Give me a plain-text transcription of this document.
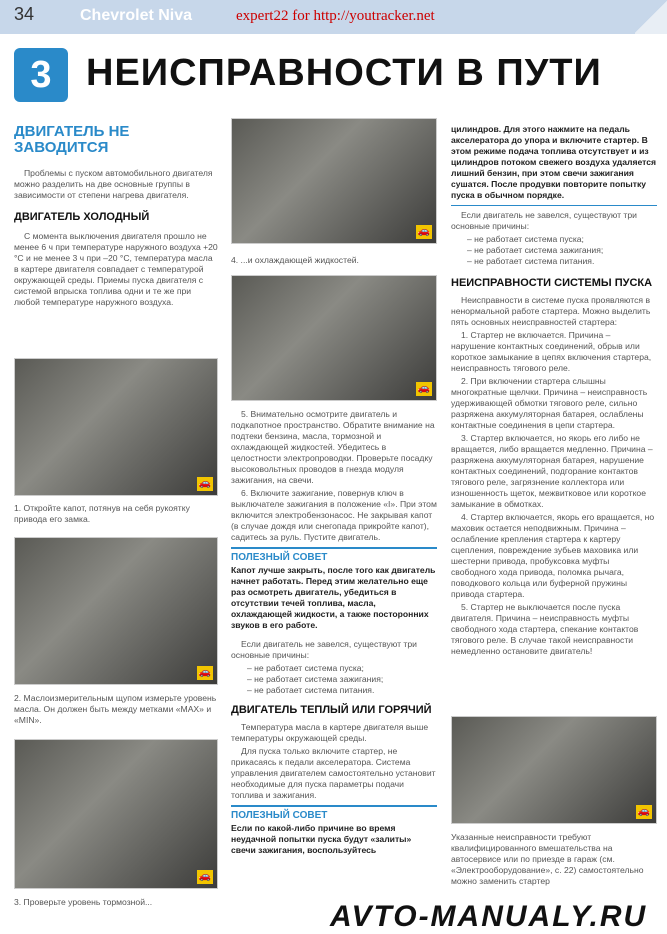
34	Chevrolet Niva	expert22 for http://youtracker.net
3 НЕИСПРАВНОСТИ В ПУТИ
ДВИГАТЕЛЬ НЕ ЗАВОДИТСЯ
Проблемы с пуском автомобильного двигателя можно разделить на две основные группы в зависимости от степени нагрева двигателя.
ДВИГАТЕЛЬ ХОЛОДНЫЙ
С момента выключения двигателя прошло не менее 6 ч при температуре наружного воздуха +20 °С и не менее 3 ч при –20 °С, температура масла в картере двигателя совпадает с температурой окружающей среды. Приемы пуска двигателя с системой впрыска топлива одни и те же при любой температуре наружного воздуха.
🚗
1. Откройте капот, потянув на себя рукоятку привода его замка.
🚗
2. Маслоизмерительным щупом измерьте уровень масла. Он должен быть между метками «MAX» и «MIN».
🚗
3. Проверьте уровень тормозной...
🚗
4. ...и охлаждающей жидкостей.
🚗
5. Внимательно осмотрите двигатель и подкапотное пространство. Обратите внимание на подтеки бензина, масла, тормозной и охлаждающей жидкостей. Убедитесь в целостности электропроводки. Проверьте посадку высоковольтных проводов в гнезда модуля зажигания, на свечи.
6. Включите зажигание, повернув ключ в выключателе зажигания в положение «I». При этом включится электробензонасос. Не закрывая капот (в случае дождя или снегопада прикройте капот), садитесь за руль. Пустите двигатель.
ПОЛЕЗНЫЙ СОВЕТ
Капот лучше закрыть, после того как двигатель начнет работать. Перед этим желательно еще раз осмотреть двигатель, убедиться в отсутствии течей топлива, масла, охлаждающей жидкости, а также посторонних звуков в его работе.
Если двигатель не завелся, существуют три основные причины:
– не работает система пуска;
– не работает система зажигания;
– не работает система питания.
ДВИГАТЕЛЬ ТЕПЛЫЙ ИЛИ ГОРЯЧИЙ
Температура масла в картере двигателя выше температуры окружающей среды.
Для пуска только включите стартер, не прикасаясь к педали акселератора. Система управления двигателем самостоятельно установит необходимые для пуска параметры подачи топлива и зажигания.
ПОЛЕЗНЫЙ СОВЕТ
Если по какой-либо причине во время неудачной попытки пуска будут «залиты» свечи зажигания, воспользуйтесь
цилиндров. Для этого нажмите на педаль акселератора до упора и включите стартер. В этом режиме подача топлива отсутствует и из цилиндров потоком свежего воздуха удаляется лишний бензин, при этом свечи зажигания сушатся. После продувки повторите попытку пуска в обычном порядке.
Если двигатель не завелся, существуют три основные причины:
– не работает система пуска;
– не работает система зажигания;
– не работает система питания.
НЕИСПРАВНОСТИ СИСТЕМЫ ПУСКА
Неисправности в системе пуска проявляются в ненормальной работе стартера. Можно выделить пять основных неисправностей стартера:
1. Стартер не включается. Причина – нарушение контактных соединений, обрыв или короткое замыкание в цепях включения стартера, неисправность тягового реле.
2. При включении стартера слышны многократные щелчки. Причина – неисправность удерживающей обмотки тягового реле, сильно разряжена аккумуляторная батарея, ослаблены контактные соединения в цепи стартера.
3. Стартер включается, но якорь его либо не вращается, либо вращается медленно. Причина – разряжена аккумуляторная батарея, нарушение контактных соединений, подгорание контактов тягового реле, загрязнение коллектора или изношенность щеток, межвитковое или короткое замыкание в обмотках.
4. Стартер включается, якорь его вращается, но маховик остается неподвижным. Причина – ослабление крепления стартера к картеру сцепления, повреждение зубьев маховика или шестерни привода, пробуксовка муфты свободного хода привода, поломка рычага, поводкового кольца или буферной пружины привода стартера.
5. Стартер не выключается после пуска двигателя. Причина – неисправность муфты свободного хода стартера, спекание контактов тягового реле. В случае такой неисправности немедленно остановите двигатель!
🚗
Указанные неисправности требуют квалифицированного вмешательства на автосервисе или по приезде в гараж (см. «Электрооборудование», с. 22) самостоятельно можно заменить стартер
AVTO-MANUALY.RU
